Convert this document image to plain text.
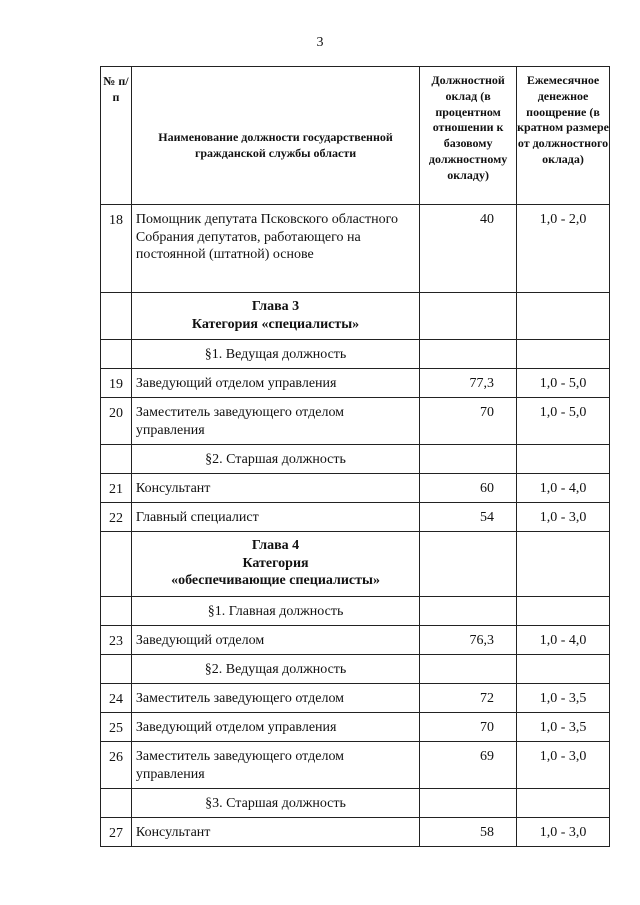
3
№ п/п	Наименование должности государственной гражданской службы области	Должностной оклад (в процентном отношении к базовому должностному окладу)	Ежемесячное денежное поощрение (в кратном размере от должностного оклада)
18	Помощник депутата Псковского областного Собрания депутатов, работающего на постоянной (штатной) основе	40	1,0 - 2,0

	Глава 3
Категория «специалисты»		

	§1. Ведущая должность		
19	Заведующий отделом управления	77,3	1,0 - 5,0
20	Заместитель заведующего отделом управления	70	1,0 - 5,0
	§2. Старшая должность		
21	Консультант	60	1,0 - 4,0
22	Главный специалист	54	1,0 - 3,0

	Глава 4
Категория
«обеспечивающие специалисты»		

	§1. Главная должность		
23	Заведующий отделом	76,3	1,0 - 4,0
	§2. Ведущая должность		
24	Заместитель заведующего отделом	72	1,0 - 3,5
25	Заведующий отделом управления	70	1,0 - 3,5
26	Заместитель заведующего отделом управления	69	1,0 - 3,0
	§3. Старшая должность		
27	Консультант	58	1,0 - 3,0
